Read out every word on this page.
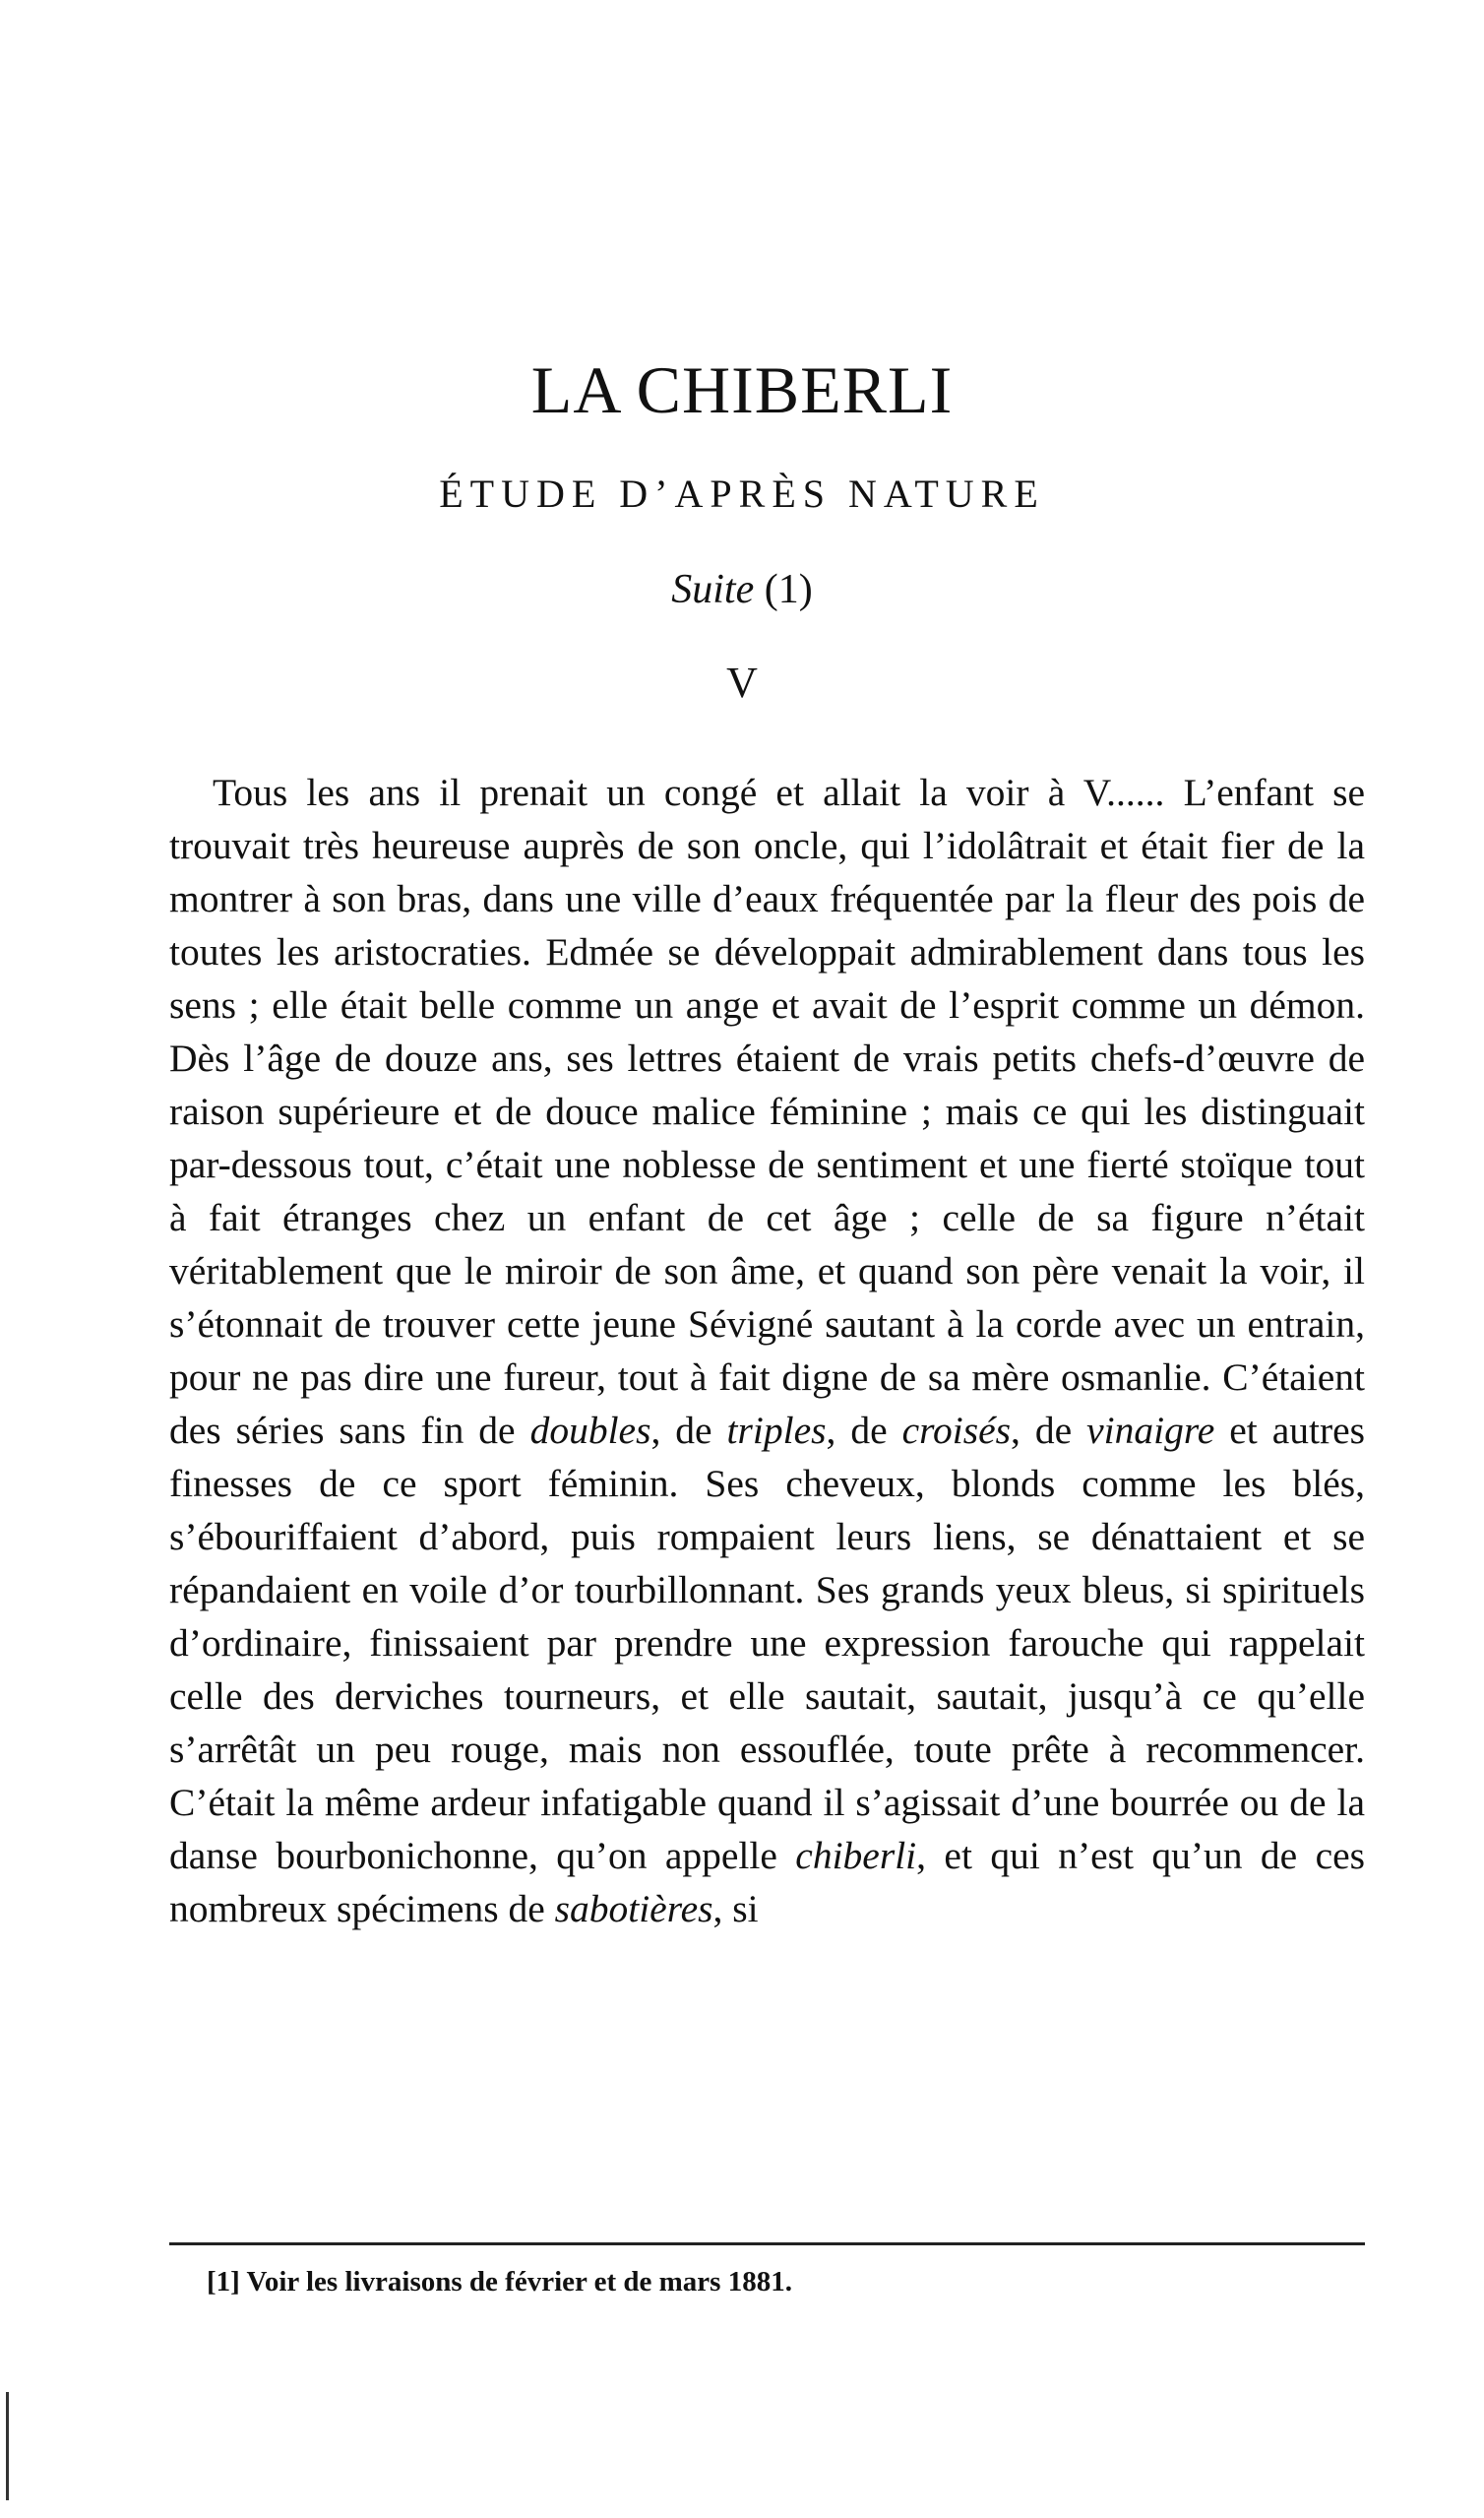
LA CHIBERLI
ÉTUDE D’APRÈS NATURE
Suite (1)
V

Tous les ans il prenait un congé et allait la voir à V...... L’enfant se trouvait très heureuse auprès de son oncle, qui l’idolâtrait et était fier de la montrer à son bras, dans une ville d’eaux fréquentée par la fleur des pois de toutes les aristocraties. Edmée se développait admirablement dans tous les sens ; elle était belle comme un ange et avait de l’esprit comme un démon. Dès l’âge de douze ans, ses lettres étaient de vrais petits chefs-d’œuvre de raison supérieure et de douce malice féminine ; mais ce qui les distinguait par-dessous tout, c’était une noblesse de sentiment et une fierté stoïque tout à fait étranges chez un enfant de cet âge ; celle de sa figure n’était véritablement que le miroir de son âme, et quand son père venait la voir, il s’étonnait de trouver cette jeune Sévigné sautant à la corde avec un entrain, pour ne pas dire une fureur, tout à fait digne de sa mère osmanlie. C’étaient des séries sans fin de doubles, de triples, de croisés, de vinaigre et autres finesses de ce sport féminin. Ses cheveux, blonds comme les blés, s’ébouriffaient d’abord, puis rompaient leurs liens, se dénattaient et se répandaient en voile d’or tourbillonnant. Ses grands yeux bleus, si spirituels d’ordinaire, finissaient par prendre une expression farouche qui rappelait celle des derviches tourneurs, et elle sautait, sautait, jusqu’à ce qu’elle s’arrêtât un peu rouge, mais non essouflée, toute prête à recommencer. C’était la même ardeur infatigable quand il s’agissait d’une bourrée ou de la danse bourbonichonne, qu’on appelle chiberli, et qui n’est qu’un de ces nombreux spécimens de sabotières, si

[1] Voir les livraisons de février et de mars 1881.
